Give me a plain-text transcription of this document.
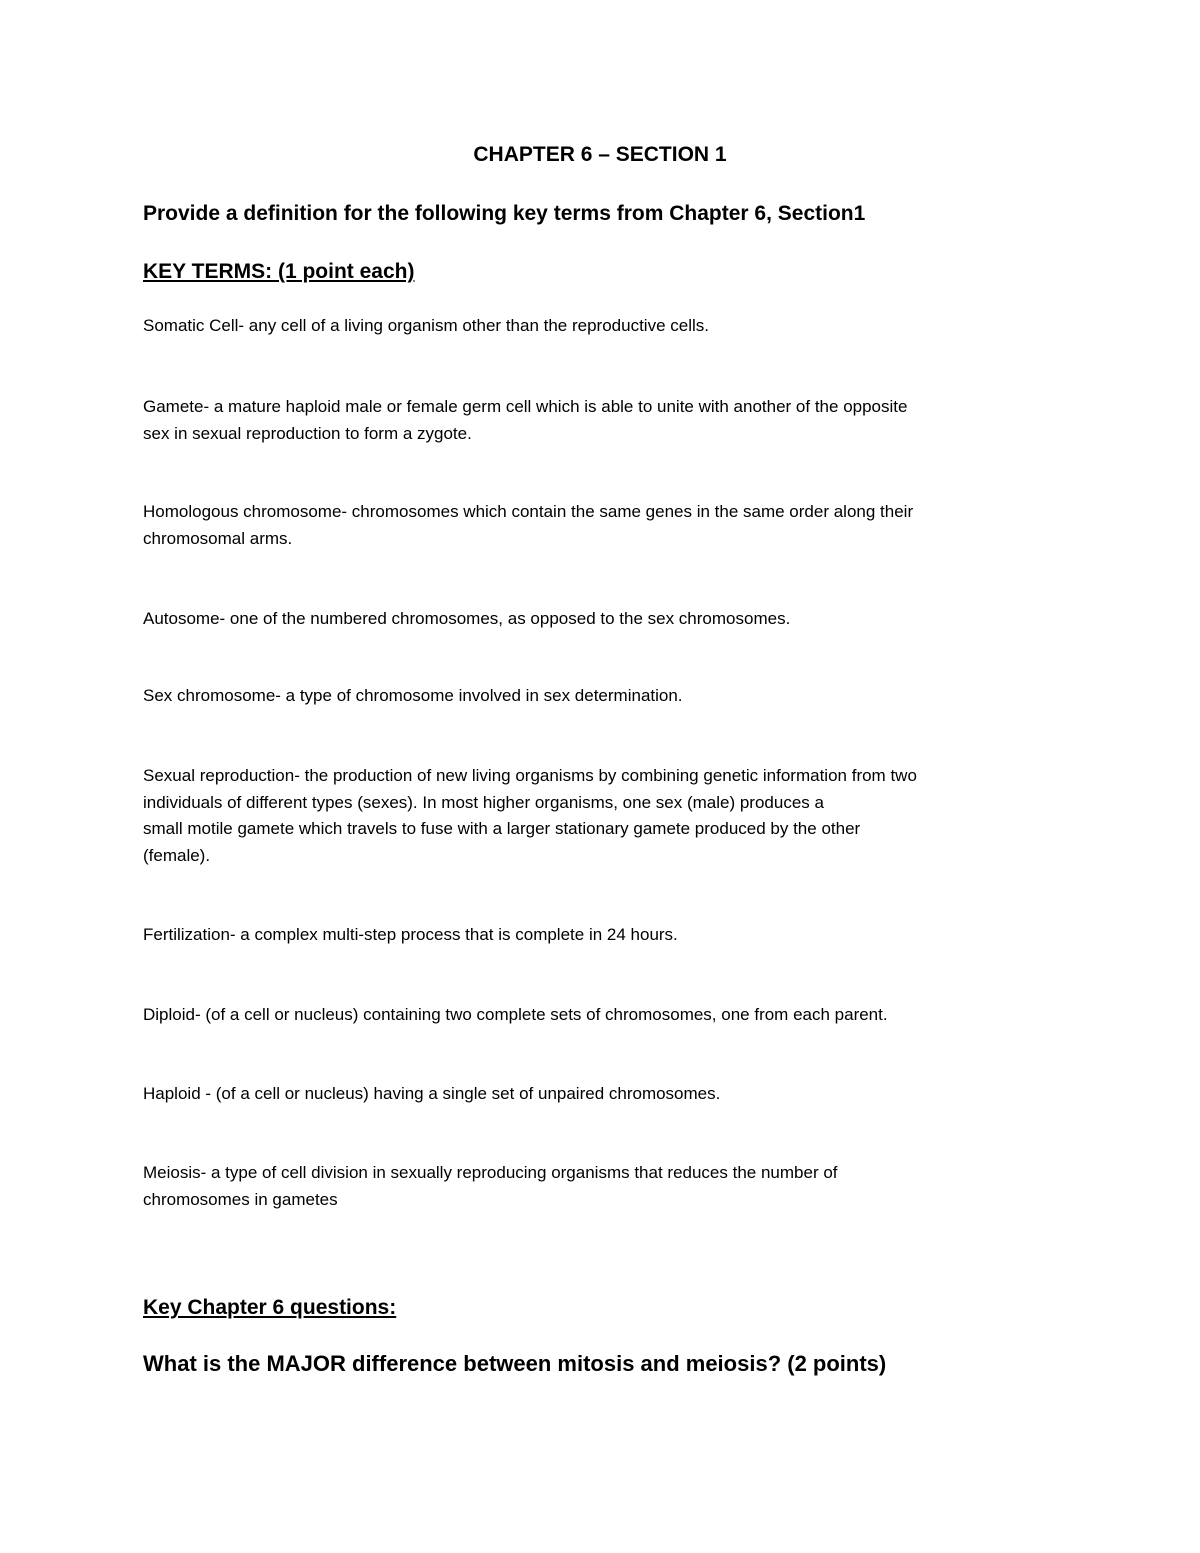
CHAPTER 6 – SECTION 1
Provide a definition for the following key terms from Chapter 6, Section1
KEY TERMS: (1 point each)
Somatic Cell- any cell of a living organism other than the reproductive cells.
Gamete- a mature haploid male or female germ cell which is able to unite with another of the opposite
sex in sexual reproduction to form a zygote.
Homologous chromosome- chromosomes which contain the same genes in the same order along their
chromosomal arms.
Autosome- one of the numbered chromosomes, as opposed to the sex chromosomes.
Sex chromosome- a type of chromosome involved in sex determination.
Sexual reproduction- the production of new living organisms by combining genetic information from two
individuals of different types (sexes). In most higher organisms, one sex (male) produces a
small motile gamete which travels to fuse with a larger stationary gamete produced by the other
(female).
Fertilization- a complex multi-step process that is complete in 24 hours.
Diploid- (of a cell or nucleus) containing two complete sets of chromosomes, one from each parent.
Haploid - (of a cell or nucleus) having a single set of unpaired chromosomes.
Meiosis- a type of cell division in sexually reproducing organisms that reduces the number of
chromosomes in gametes
Key Chapter 6 questions:
What is the MAJOR difference between mitosis and meiosis? (2 points)
